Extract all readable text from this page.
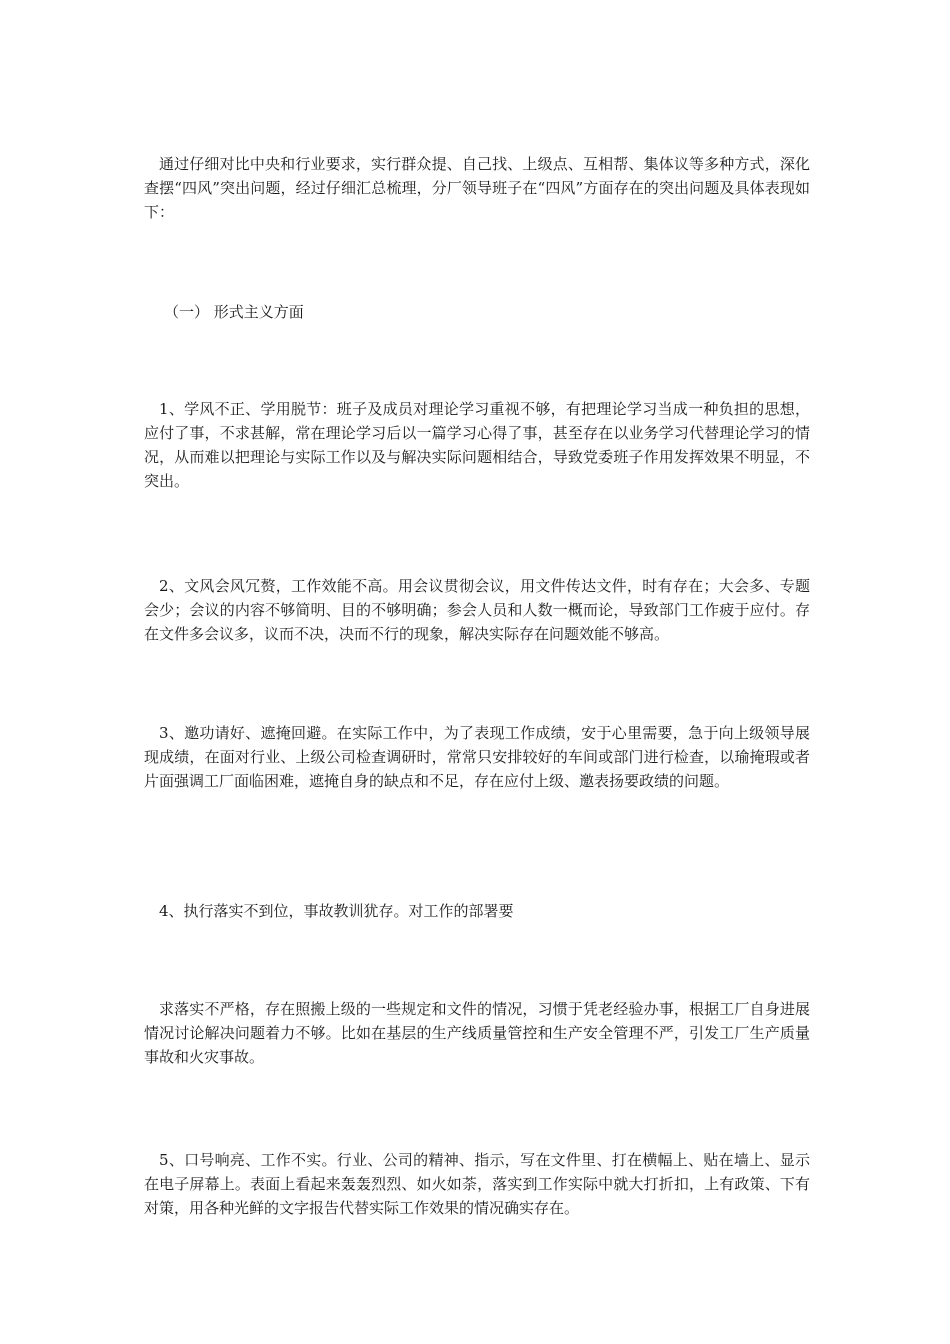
通过仔细对比中央和行业要求，实行群众提、自己找、上级点、互相帮、集体议等多种方式，深化查摆“四风”突出问题，经过仔细汇总梳理，分厂领导班子在“四风”方面存在的突出问题及具体表现如下：

（一） 形式主义方面

1、学风不正、学用脱节：班子及成员对理论学习重视不够，有把理论学习当成一种负担的思想，应付了事，不求甚解，常在理论学习后以一篇学习心得了事，甚至存在以业务学习代替理论学习的情况，从而难以把理论与实际工作以及与解决实际问题相结合，导致党委班子作用发挥效果不明显，不突出。

2、文风会风冗赘，工作效能不高。用会议贯彻会议，用文件传达文件，时有存在；大会多、专题会少；会议的内容不够简明、目的不够明确；参会人员和人数一概而论，导致部门工作疲于应付。存在文件多会议多，议而不决，决而不行的现象，解决实际存在问题效能不够高。

3、邀功请好、遮掩回避。在实际工作中，为了表现工作成绩，安于心里需要，急于向上级领导展现成绩，在面对行业、上级公司检查调研时，常常只安排较好的车间或部门进行检查，以瑜掩瑕或者片面强调工厂面临困难，遮掩自身的缺点和不足，存在应付上级、邀表扬要政绩的问题。

4、执行落实不到位，事故教训犹存。对工作的部署要

求落实不严格，存在照搬上级的一些规定和文件的情况，习惯于凭老经验办事，根据工厂自身进展情况讨论解决问题着力不够。比如在基层的生产线质量管控和生产安全管理不严，引发工厂生产质量事故和火灾事故。

5、口号响亮、工作不实。行业、公司的精神、指示，写在文件里、打在横幅上、贴在墙上、显示在电子屏幕上。表面上看起来轰轰烈烈、如火如荼，落实到工作实际中就大打折扣，上有政策、下有对策，用各种光鲜的文字报告代替实际工作效果的情况确实存在。
